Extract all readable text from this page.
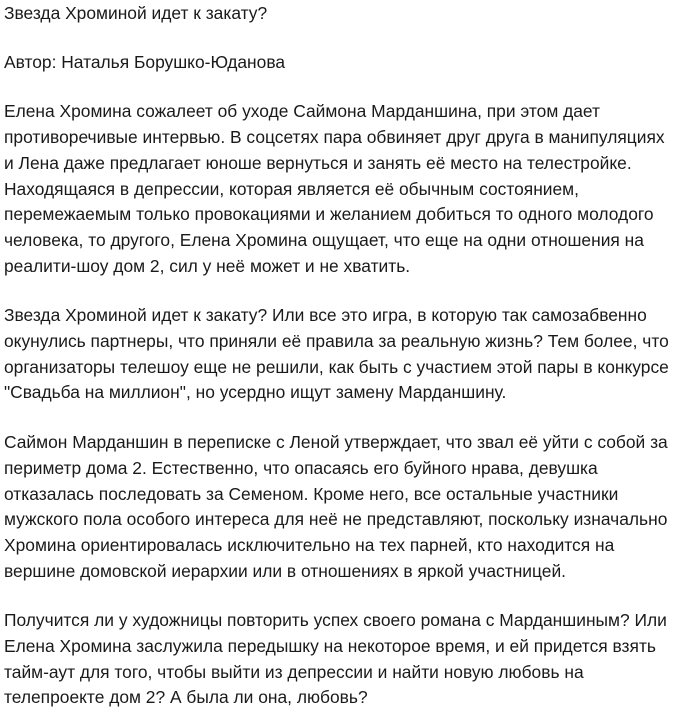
Звезда Хроминой идет к закату?
Автор: Наталья Борушко-Юданова

Елена Хромина сожалеет об уходе Саймона Марданшина, при этом дает
противоречивые интервью. В соцсетях пара обвиняет друг друга в манипуляциях
и Лена даже предлагает юноше вернуться и занять её место на телестройке.
Находящаяся в депрессии, которая является её обычным состоянием,
перемежаемым только провокациями и желанием добиться то одного молодого
человека, то другого, Елена Хромина ощущает, что еще на одни отношения на
реалити-шоу дом 2, сил у неё может и не хватить.

Звезда Хроминой идет к закату? Или все это игра, в которую так самозабвенно
окунулись партнеры, что приняли её правила за реальную жизнь? Тем более, что
организаторы телешоу еще не решили, как быть с участием этой пары в конкурсе
"Свадьба на миллион", но усердно ищут замену Марданшину.

Саймон Марданшин в переписке с Леной утверждает, что звал её уйти с собой за
периметр дома 2. Естественно, что опасаясь его буйного нрава, девушка
отказалась последовать за Семеном. Кроме него, все остальные участники
мужского пола особого интереса для неё не представляют, поскольку изначально
Хромина ориентировалась исключительно на тех парней, кто находится на
вершине домовской иерархии или в отношениях в яркой участницей.

Получится ли у художницы повторить успех своего романа с Марданшиным? Или
Елена Хромина заслужила передышку на некоторое время, и ей придется взять
тайм-аут для того, чтобы выйти из депрессии и найти новую любовь на
телепроекте дом 2? А была ли она, любовь?
